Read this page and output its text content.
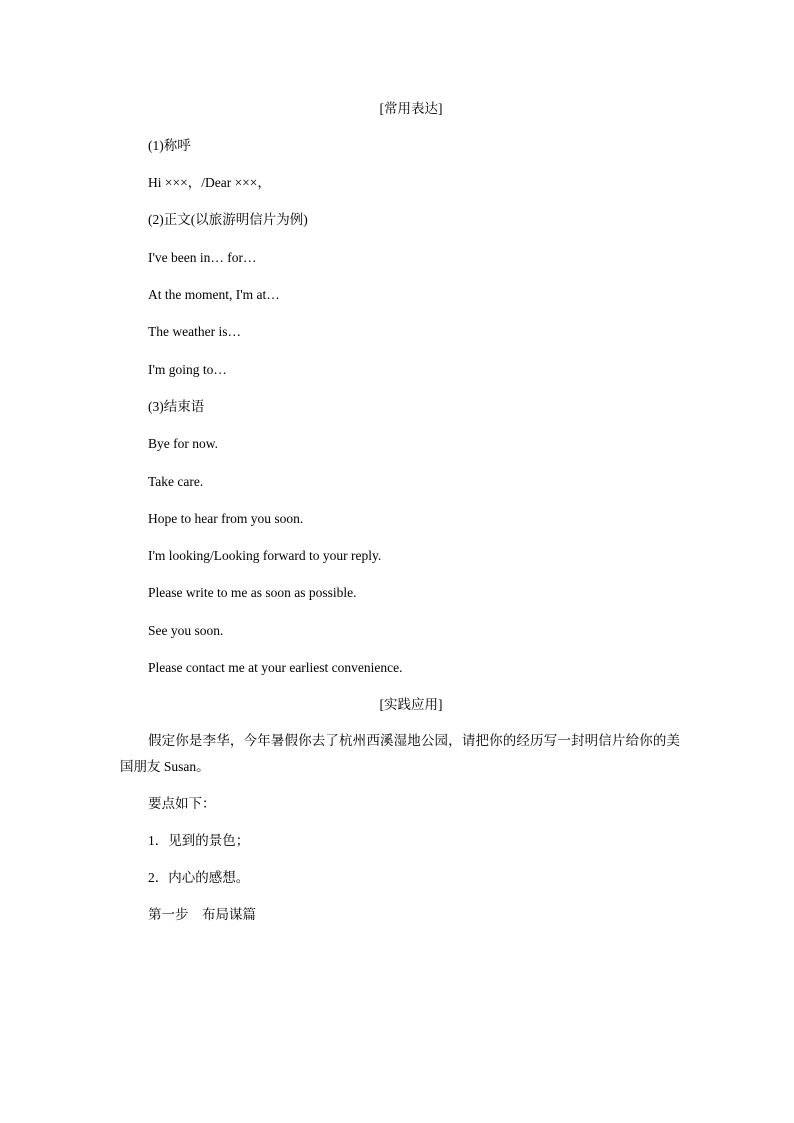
[常用表达]
(1)称呼
Hi ×××，/Dear ×××，
(2)正文(以旅游明信片为例)
I've been in… for…
At the moment, I'm at…
The weather is…
I'm going to…
(3)结束语
Bye for now.
Take care.
Hope to hear from you soon.
I'm looking/Looking forward to your reply.
Please write to me as soon as possible.
See you soon.
Please contact me at your earliest convenience.
[实践应用]
假定你是李华，今年暑假你去了杭州西溪湿地公园，请把你的经历写一封明信片给你的美国朋友 Susan。
要点如下：
1．见到的景色；
2．内心的感想。
第一步　布局谋篇
